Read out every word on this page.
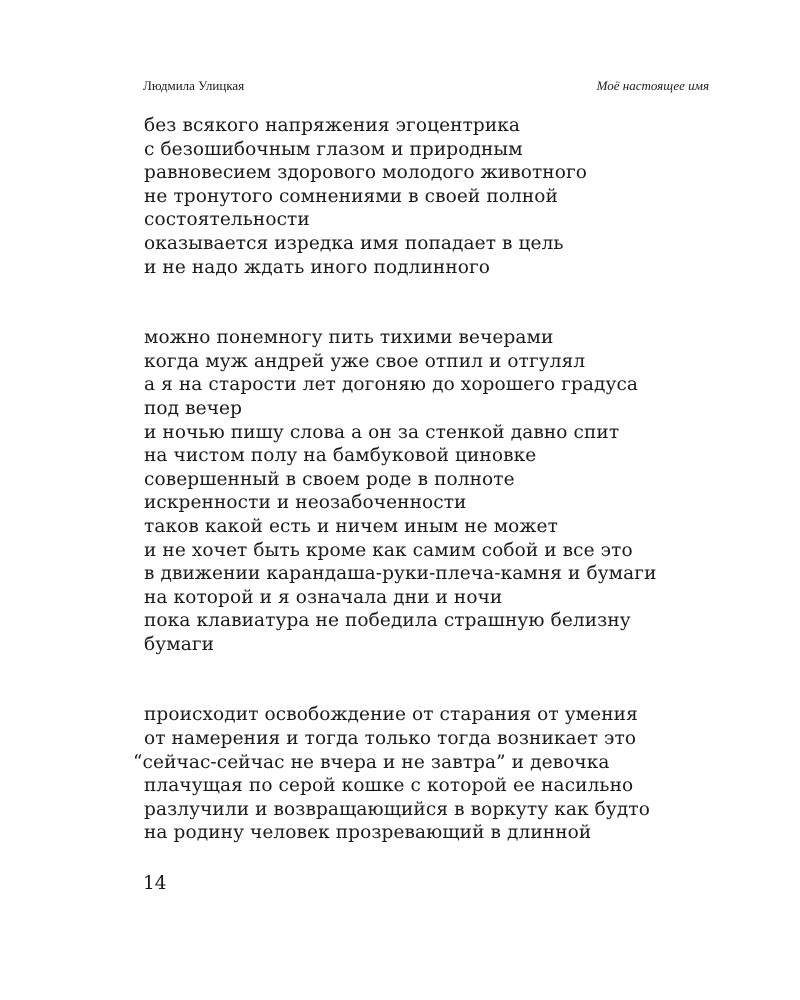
Людмила Улицкая	Моё настоящее имя
без всякого напряжения эгоцентрика
с безошибочным глазом и природным
равновесием здорового молодого животного
не тронутого сомнениями в своей полной
состоятельности
оказывается изредка имя попадает в цель
и не надо ждать иного подлинного
можно понемногу пить тихими вечерами
когда муж андрей уже свое отпил и отгулял
а я на старости лет догоняю до хорошего градуса
под вечер
и ночью пишу слова а он за стенкой давно спит
на чистом полу на бамбуковой циновке
совершенный в своем роде в полноте
искренности и неозабоченности
таков какой есть и ничем иным не может
и не хочет быть кроме как самим собой и все это
в движении карандаша-руки-плеча-камня и бумаги
на которой и я означала дни и ночи
пока клавиатура не победила страшную белизну
бумаги
происходит освобождение от старания от умения
от намерения и тогда только тогда возникает это
“сейчас-сейчас не вчера и не завтра” и девочка
плачущая по серой кошке с которой ее насильно
разлучили и возвращающийся в воркуту как будто
на родину человек прозревающий в длинной
14
